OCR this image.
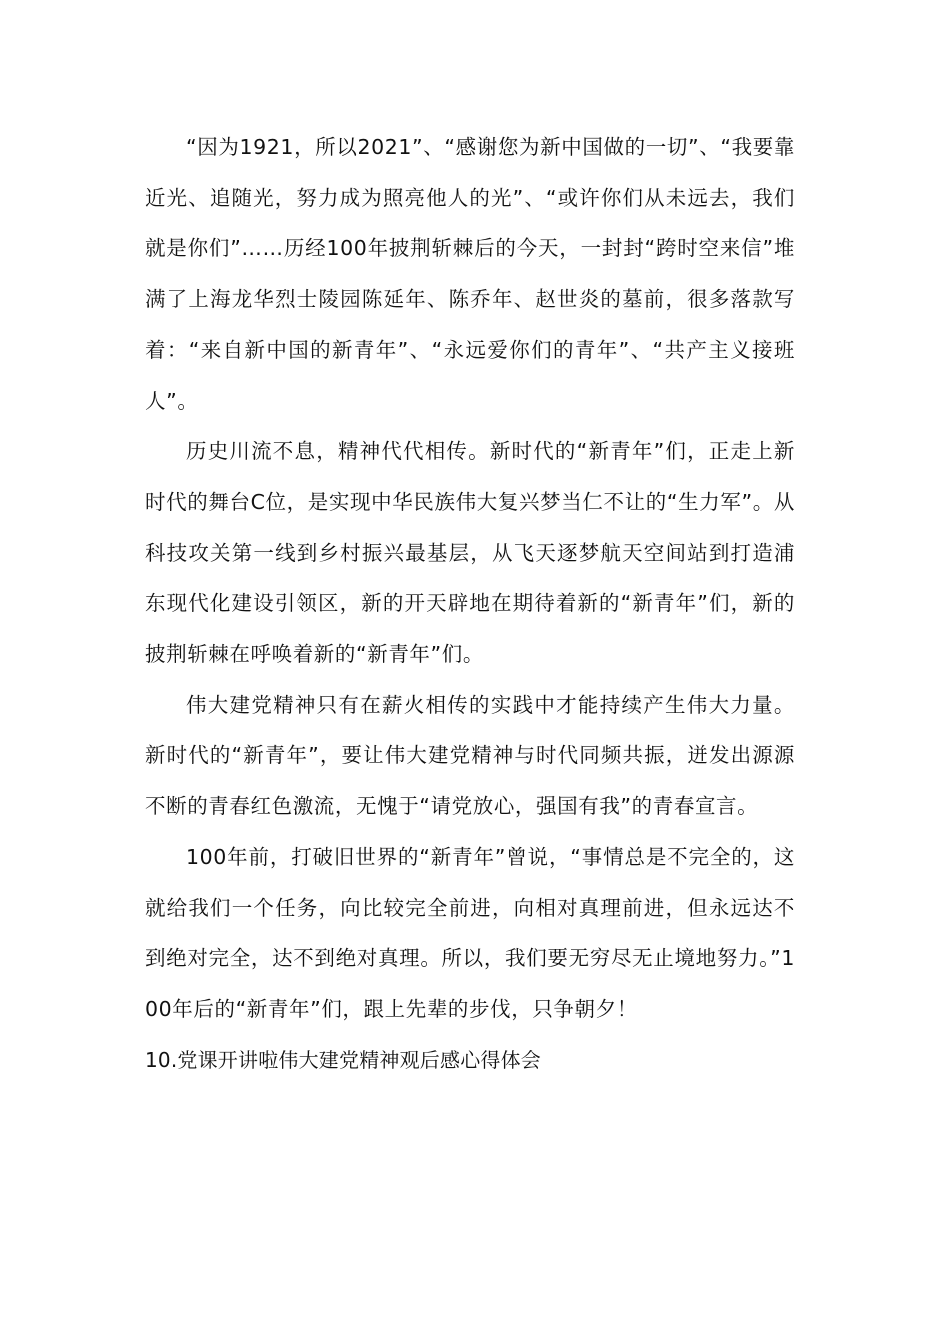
“因为1921，所以2021”、“感谢您为新中国做的一切”、“我要靠近光、追随光，努力成为照亮他人的光”、“或许你们从未远去，我们就是你们”……历经100年披荆斩棘后的今天，一封封“跨时空来信”堆满了上海龙华烈士陵园陈延年、陈乔年、赵世炎的墓前，很多落款写着：“来自新中国的新青年”、“永远爱你们的青年”、“共产主义接班人”。

历史川流不息，精神代代相传。新时代的“新青年”们，正走上新时代的舞台C位，是实现中华民族伟大复兴梦当仁不让的“生力军”。从科技攻关第一线到乡村振兴最基层，从飞天逐梦航天空间站到打造浦东现代化建设引领区，新的开天辟地在期待着新的“新青年”们，新的披荆斩棘在呼唤着新的“新青年”们。

伟大建党精神只有在薪火相传的实践中才能持续产生伟大力量。新时代的“新青年”，要让伟大建党精神与时代同频共振，迸发出源源不断的青春红色激流，无愧于“请党放心，强国有我”的青春宣言。

100年前，打破旧世界的“新青年”曾说，“事情总是不完全的，这就给我们一个任务，向比较完全前进，向相对真理前进，但永远达不到绝对完全，达不到绝对真理。所以，我们要无穷尽无止境地努力。”100年后的“新青年”们，跟上先辈的步伐，只争朝夕！

10.党课开讲啦伟大建党精神观后感心得体会
